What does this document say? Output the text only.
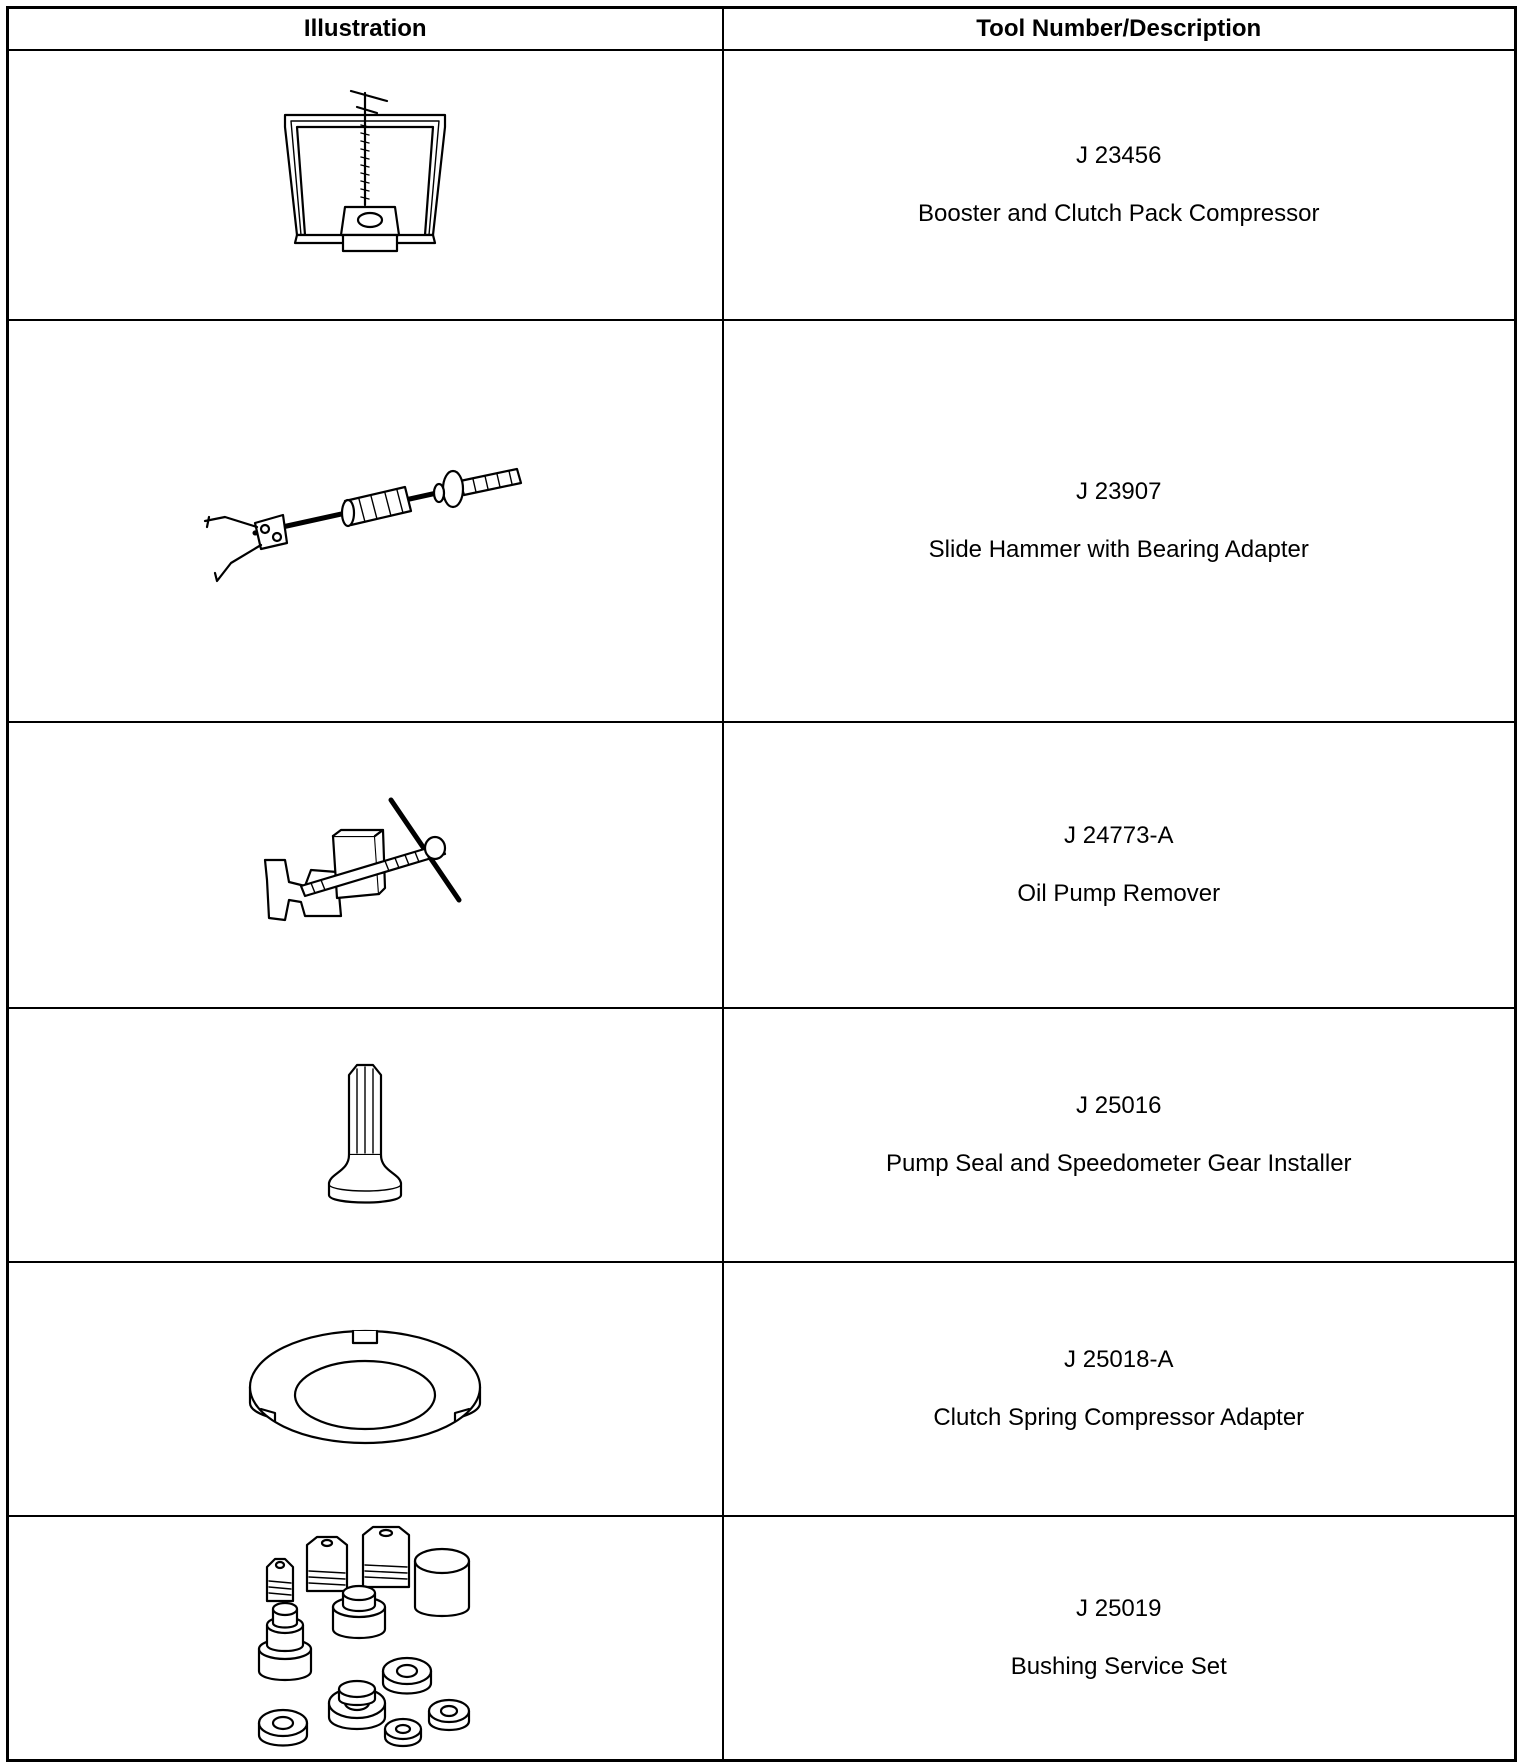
Illustration	Tool Number/Description

J 23456
Booster and Clutch Pack Compressor

J 23907
Slide Hammer with Bearing Adapter

J 24773-A
Oil Pump Remover

J 25016
Pump Seal and Speedometer Gear Installer

J 25018-A
Clutch Spring Compressor Adapter

J 25019
Bushing Service Set
